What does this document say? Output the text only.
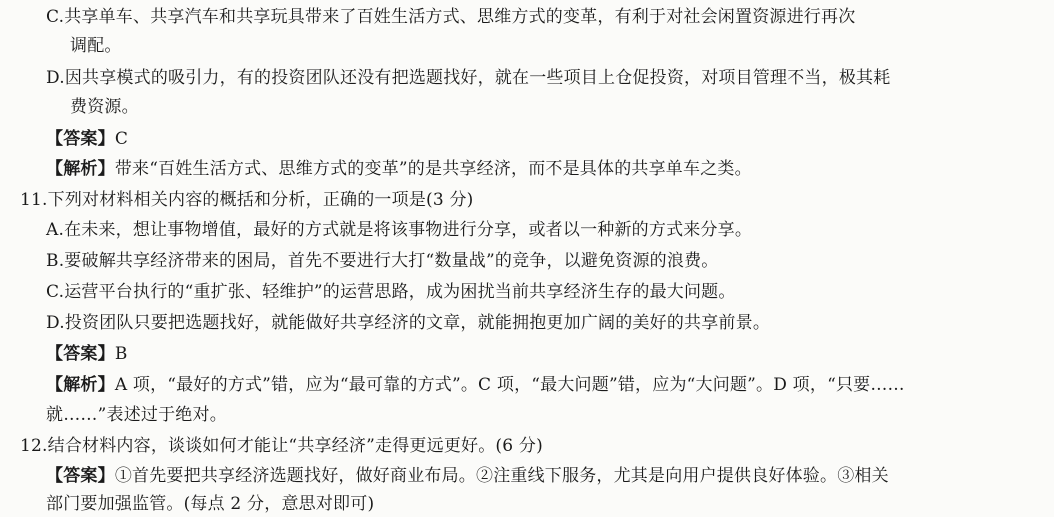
C.共享单车、共享汽车和共享玩具带来了百姓生活方式、思维方式的变革，有利于对社会闲置资源进行再次
调配。
D.因共享模式的吸引力，有的投资团队还没有把选题找好，就在一些项目上仓促投资，对项目管理不当，极其耗
费资源。
【答案】C
【解析】带来“百姓生活方式、思维方式的变革”的是共享经济，而不是具体的共享单车之类。
11.下列对材料相关内容的概括和分析，正确的一项是(3 分)
A.在未来，想让事物增值，最好的方式就是将该事物进行分享，或者以一种新的方式来分享。
B.要破解共享经济带来的困局，首先不要进行大打“数量战”的竞争，以避免资源的浪费。
C.运营平台执行的“重扩张、轻维护”的运营思路，成为困扰当前共享经济生存的最大问题。
D.投资团队只要把选题找好，就能做好共享经济的文章，就能拥抱更加广阔的美好的共享前景。
【答案】B
【解析】A 项，“最好的方式”错，应为“最可靠的方式”。C 项，“最大问题”错，应为“大问题”。D 项，“只要……
就……”表述过于绝对。
12.结合材料内容，谈谈如何才能让“共享经济”走得更远更好。(6 分)
【答案】①首先要把共享经济选题找好，做好商业布局。②注重线下服务，尤其是向用户提供良好体验。③相关
部门要加强监管。(每点 2 分，意思对即可)
